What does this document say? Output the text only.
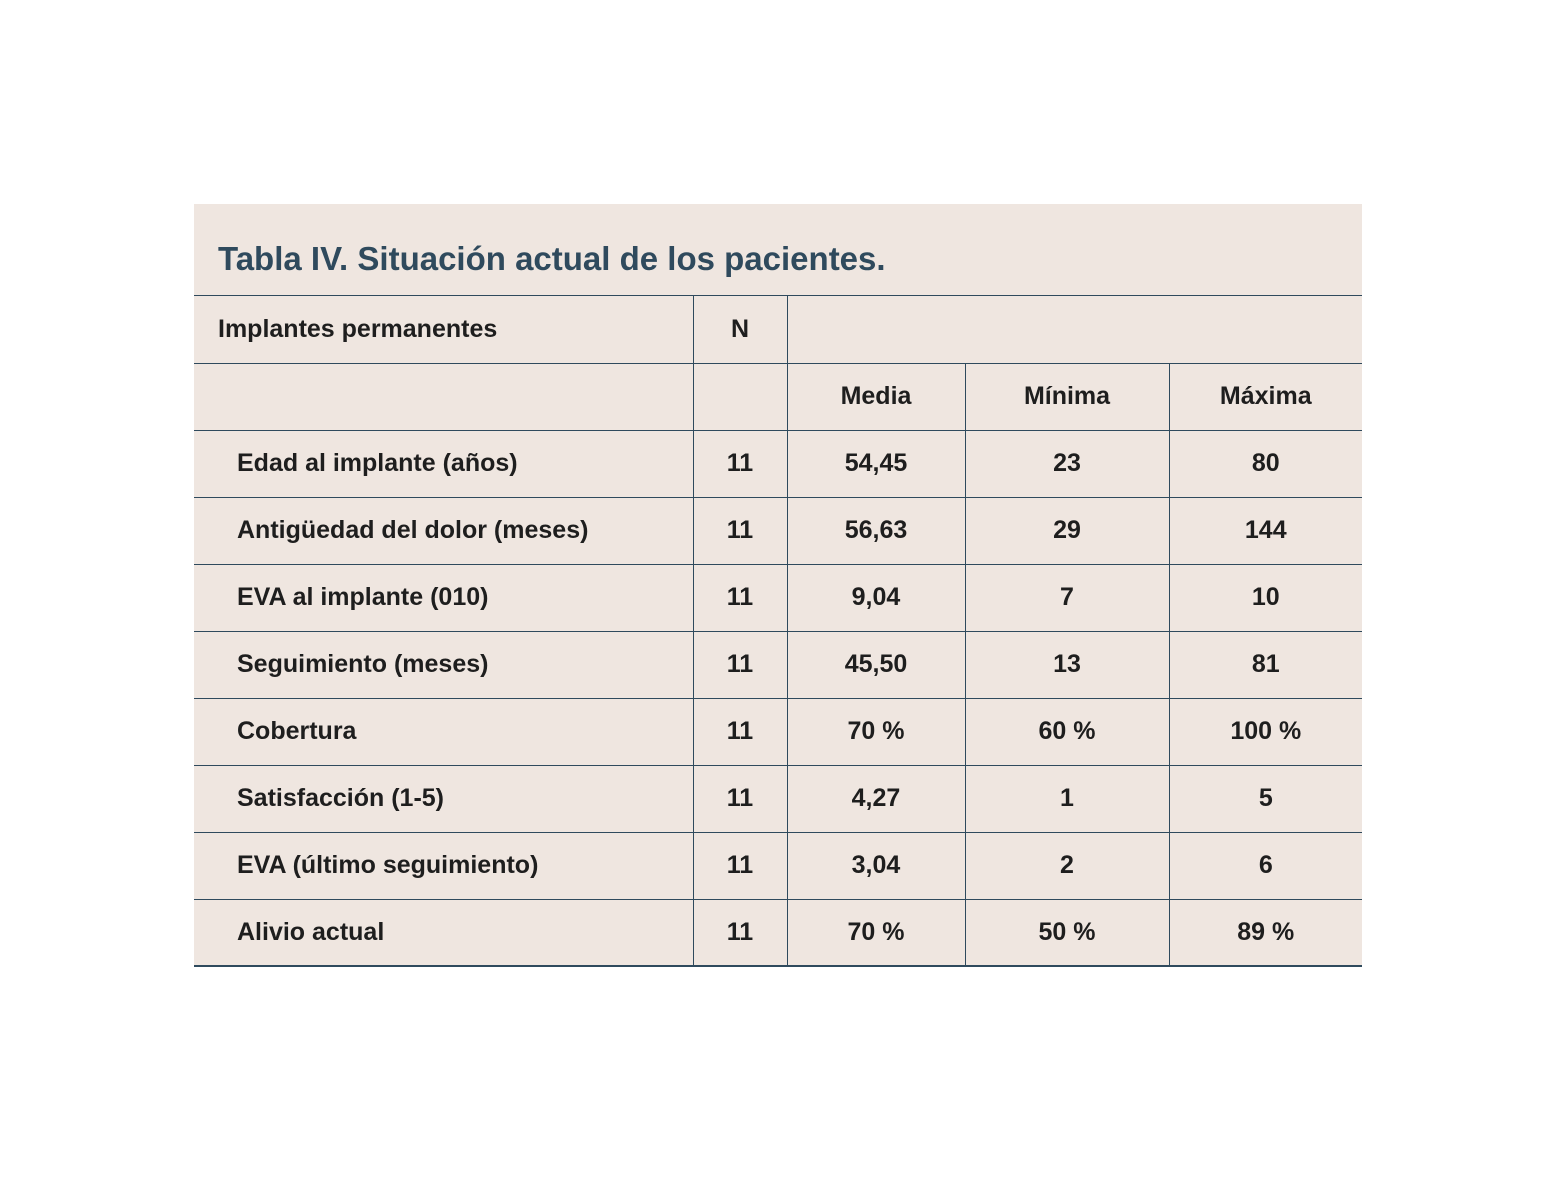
Tabla IV. Situación actual de los pacientes.
Implantes permanentes	N			
		Media	Mínima	Máxima
Edad al implante (años)	11	54,45	23	80
Antigüedad del dolor (meses)	11	56,63	29	144
EVA al implante (010)	11	9,04	7	10
Seguimiento (meses)	11	45,50	13	81
Cobertura	11	70 %	60 %	100 %
Satisfacción (1-5)	11	4,27	1	5
EVA (último seguimiento)	11	3,04	2	6
Alivio actual	11	70 %	50 %	89 %
